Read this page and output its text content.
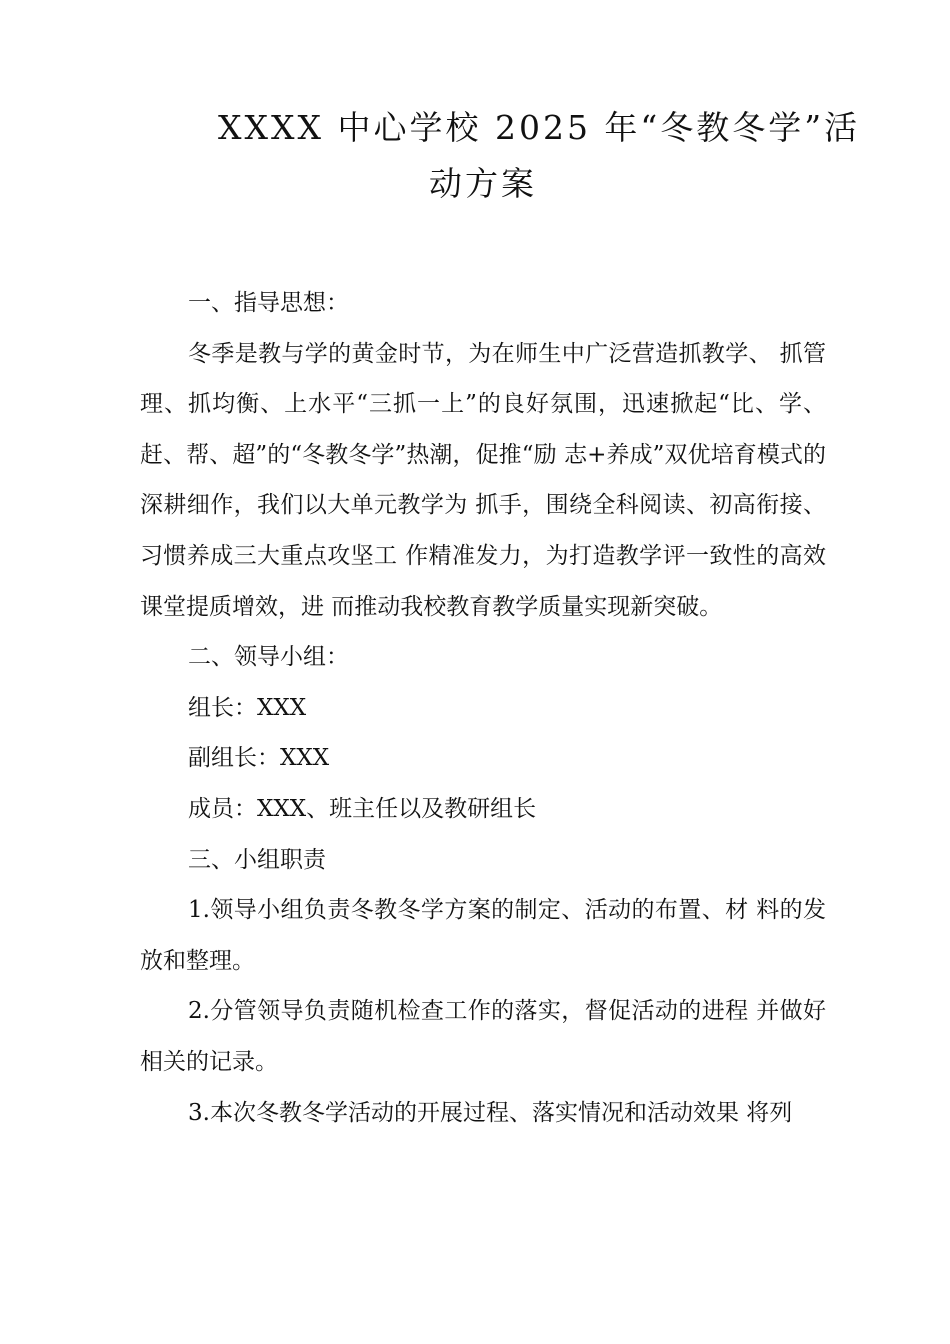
XXXX 中心学校 2025 年“冬教冬学”活
动方案

一、指导思想：

冬季是教与学的黄金时节，为在师生中广泛营造抓教学、 抓管理、抓均衡、上水平“三抓一上”的良好氛围，迅速掀起“比、学、赶、帮、超”的“冬教冬学”热潮，促推“励 志+养成”双优培育模式的深耕细作，我们以大单元教学为 抓手，围绕全科阅读、初高衔接、习惯养成三大重点攻坚工 作精准发力，为打造教学评一致性的高效课堂提质增效，进 而推动我校教育教学质量实现新突破。

二、领导小组：

组长：XXX

副组长：XXX

成员：XXX、班主任以及教研组长

三、小组职责

1.领导小组负责冬教冬学方案的制定、活动的布置、材 料的发放和整理。

2.分管领导负责随机检查工作的落实，督促活动的进程 并做好相关的记录。

3.本次冬教冬学活动的开展过程、落实情况和活动效果 将列
